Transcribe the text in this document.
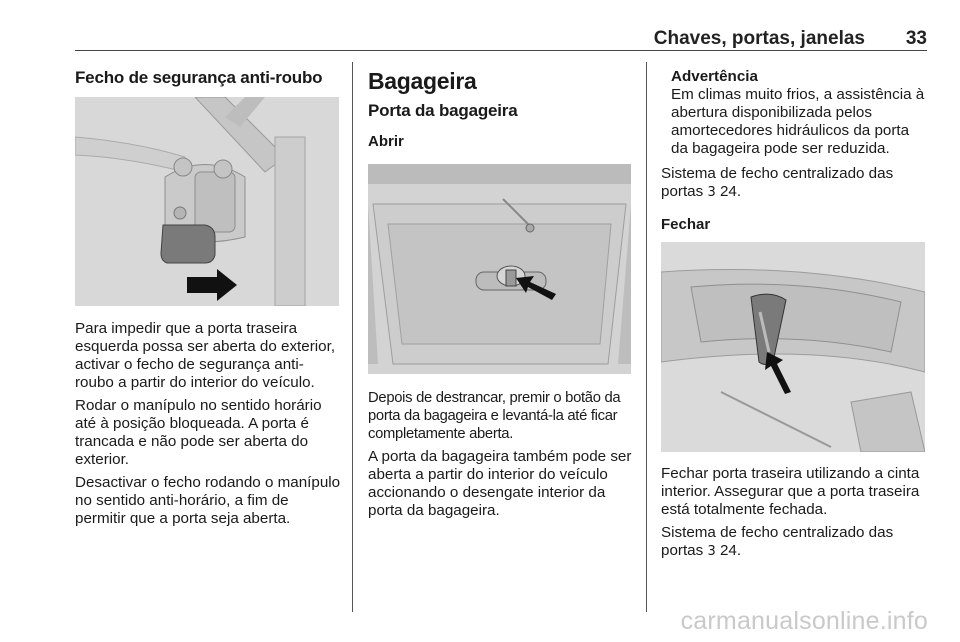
Chaves, portas, janelas 33
Fecho de segurança anti-roubo

Para impedir que a porta traseira esquerda possa ser aberta do exterior, activar o fecho de segurança anti-roubo a partir do interior do veículo.

Rodar o manípulo no sentido horário até à posição bloqueada. A porta é trancada e não pode ser aberta do exterior.

Desactivar o fecho rodando o manípulo no sentido anti-horário, a fim de permitir que a porta seja aberta.

Bagageira
Porta da bagageira
Abrir

Depois de destrancar, premir o botão da porta da bagageira e levantá-la até ficar completamente aberta.

A porta da bagageira também pode ser aberta a partir do interior do veículo accionando o desengate interior da porta da bagageira.

Advertência

Em climas muito frios, a assistência à abertura disponibilizada pelos amortecedores hidráulicos da porta da bagageira pode ser reduzida.

Sistema de fecho centralizado das portas 3 24.

Fechar

Fechar porta traseira utilizando a cinta interior. Assegurar que a porta traseira está totalmente fechada.

Sistema de fecho centralizado das portas 3 24.

carmanualsonline.info
